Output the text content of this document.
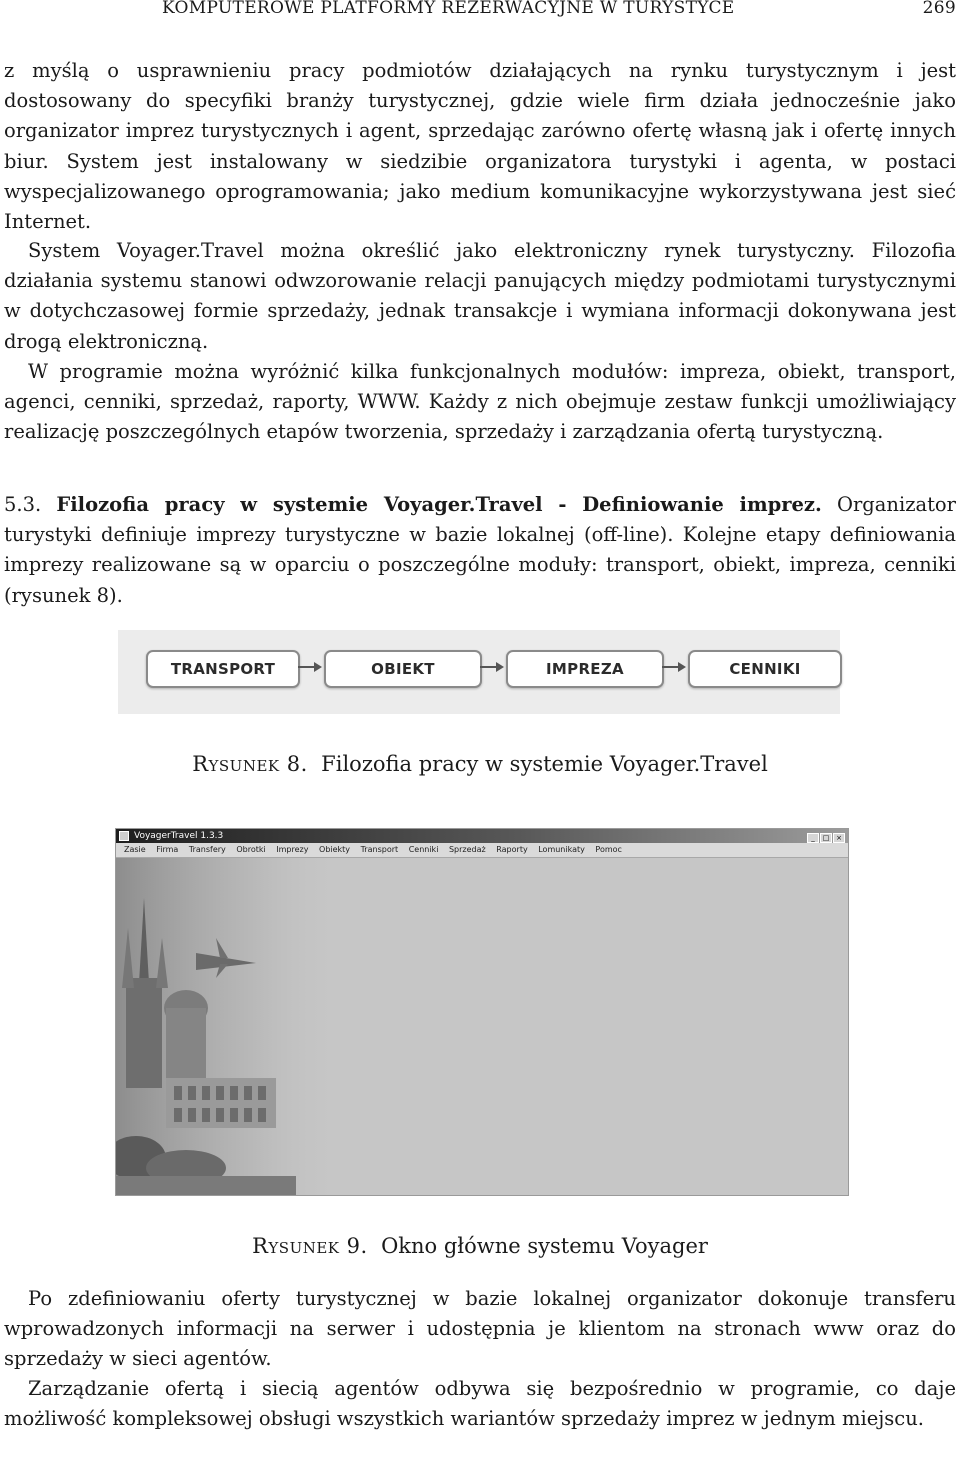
KOMPUTEROWE PLATFORMY REZERWACYJNE W TURYSTYCE	269

z myślą o usprawnieniu pracy podmiotów działających na rynku turystycznym i jest dostosowany do specyfiki branży turystycznej, gdzie wiele firm działa jednocześnie jako organizator imprez turystycznych i agent, sprzedając zarówno ofertę własną jak i ofertę innych biur. System jest instalowany w siedzibie organizatora turystyki i agenta, w postaci wyspecjalizowanego oprogramowania; jako medium komunikacyjne wykorzystywana jest sieć Internet.

System Voyager.Travel można określić jako elektroniczny rynek turystyczny. Filozofia działania systemu stanowi odwzorowanie relacji panujących między podmiotami turystycznymi w dotychczasowej formie sprzedaży, jednak transakcje i wymiana informacji dokonywana jest drogą elektroniczną.

W programie można wyróżnić kilka funkcjonalnych modułów: impreza, obiekt, transport, agenci, cenniki, sprzedaż, raporty, WWW. Każdy z nich obejmuje zestaw funkcji umożliwiający realizację poszczególnych etapów tworzenia, sprzedaży i zarządzania ofertą turystyczną.

5.3. Filozofia pracy w systemie Voyager.Travel - Definiowanie imprez. Organizator turystyki definiuje imprezy turystyczne w bazie lokalnej (off-line). Kolejne etapy definiowania imprezy realizowane są w oparciu o poszczególne moduły: transport, obiekt, impreza, cenniki (rysunek 8).

TRANSPORT	OBIEKT	IMPREZA	CENNIKI
Rysunek 8. Filozofia pracy w systemie Voyager.Travel
VoyagerTravel 1.3.3	_ □ ×
Zasie Firma Transfery Obrotki Imprezy Obiekty Transport Cenniki Sprzedaż Raporty Lomunikaty Pomoc
Rysunek 9. Okno główne systemu Voyager

Po zdefiniowaniu oferty turystycznej w bazie lokalnej organizator dokonuje transferu wprowadzonych informacji na serwer i udostępnia je klientom na stronach www oraz do sprzedaży w sieci agentów.

Zarządzanie ofertą i siecią agentów odbywa się bezpośrednio w programie, co daje możliwość kompleksowej obsługi wszystkich wariantów sprzedaży imprez w jednym miejscu.
